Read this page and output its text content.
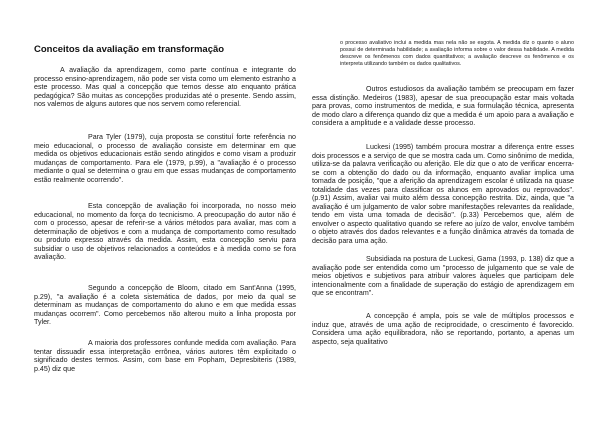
Conceitos da avaliação em transformação

A avaliação da aprendizagem, como parte contínua e integrante do processo ensino-aprendizagem, não pode ser vista como um elemento estranho a este processo. Mas qual a concepção que temos desse ato enquanto prática pedagógica? São muitas as concepções produzidas até o presente. Sendo assim, nos valemos de alguns autores que nos servem como referencial.

Para Tyler (1979), cuja proposta se constituí forte referência no meio educacional, o processo de avaliação consiste em determinar em que medida os objetivos educacionais estão sendo atingidos e como visam a produzir mudanças de comportamento. Para ele (1979, p.99), a "avaliação é o processo mediante o qual se determina o grau em que essas mudanças de comportamento estão realmente ocorrendo".

Esta concepção de avaliação foi incorporada, no nosso meio educacional, no momento da força do tecnicismo. A preocupação do autor não é com o processo, apesar de referir-se a vários métodos para avaliar, mas com a determinação de objetivos e com a mudança de comportamento como resultado ou produto expresso através da medida. Assim, esta concepção serviu para subsidiar o uso de objetivos relacionados a conteúdos e à medida como se fora avaliação.

Segundo a concepção de Bloom, citado em Sant'Anna (1995, p.29), "a avaliação é a coleta sistemática de dados, por meio da qual se determinam as mudanças de comportamento do aluno e em que medida essas mudanças ocorrem". Como percebemos não alterou muito a linha proposta por Tyler.

A maioria dos professores confunde medida com avaliação. Para tentar dissuadir essa interpretação errônea, vários autores têm explicitado o significado destes termos. Assim, com base em Popham, Depresbiteris (1989, p.45) diz que

o processo avaliativo inclui a medida mas nela não se esgota. A medida diz o quanto o aluno possui de determinada habilidade; a avaliação informa sobre o valor dessa habilidade. A medida descreve os fenômenos com dados quantitativos; a avaliação descreve os fenômenos e os interpreta utilizando também os dados qualitativos.

Outros estudiosos da avaliação também se preocupam em fazer essa distinção. Medeiros (1983), apesar de sua preocupação estar mais voltada para provas, como instrumentos de medida, e sua formulação técnica, apresenta de modo claro a diferença quando diz que a medida é um apoio para a avaliação e considera a amplitude e a validade desse processo.

Luckesi (1995) também procura mostrar a diferença entre esses dois processos e a serviço de que se mostra cada um. Como sinônimo de medida, utiliza-se da palavra verificação ou aferição. Ele diz que o ato de verificar encerra-se com a obtenção do dado ou da informação, enquanto avaliar implica uma tomada de posição, "que a aferição da aprendizagem escolar é utilizada na quase totalidade das vezes para classificar os alunos em aprovados ou reprovados". (p.91) Assim, avaliar vai muito além dessa concepção restrita. Diz, ainda, que "a avaliação é um julgamento de valor sobre manifestações relevantes da realidade, tendo em vista uma tomada de decisão". (p.33) Percebemos que, além de envolver o aspecto qualitativo quando se refere ao juízo de valor, envolve também o objeto através dos dados relevantes e a função dinâmica através da tomada de decisão para uma ação.

Subsidiada na postura de Luckesi, Gama (1993, p. 138) diz que a avaliação pode ser entendida como um "processo de julgamento que se vale de meios objetivos e subjetivos para atribuir valores àqueles que participam dele intencionalmente com a finalidade de superação do estágio de aprendizagem em que se encontram".

A concepção é ampla, pois se vale de múltiplos processos e induz que, através de uma ação de reciprocidade, o crescimento é favorecido. Considera uma ação equilibradora, não se reportando, portanto, a apenas um aspecto, seja qualitativo
